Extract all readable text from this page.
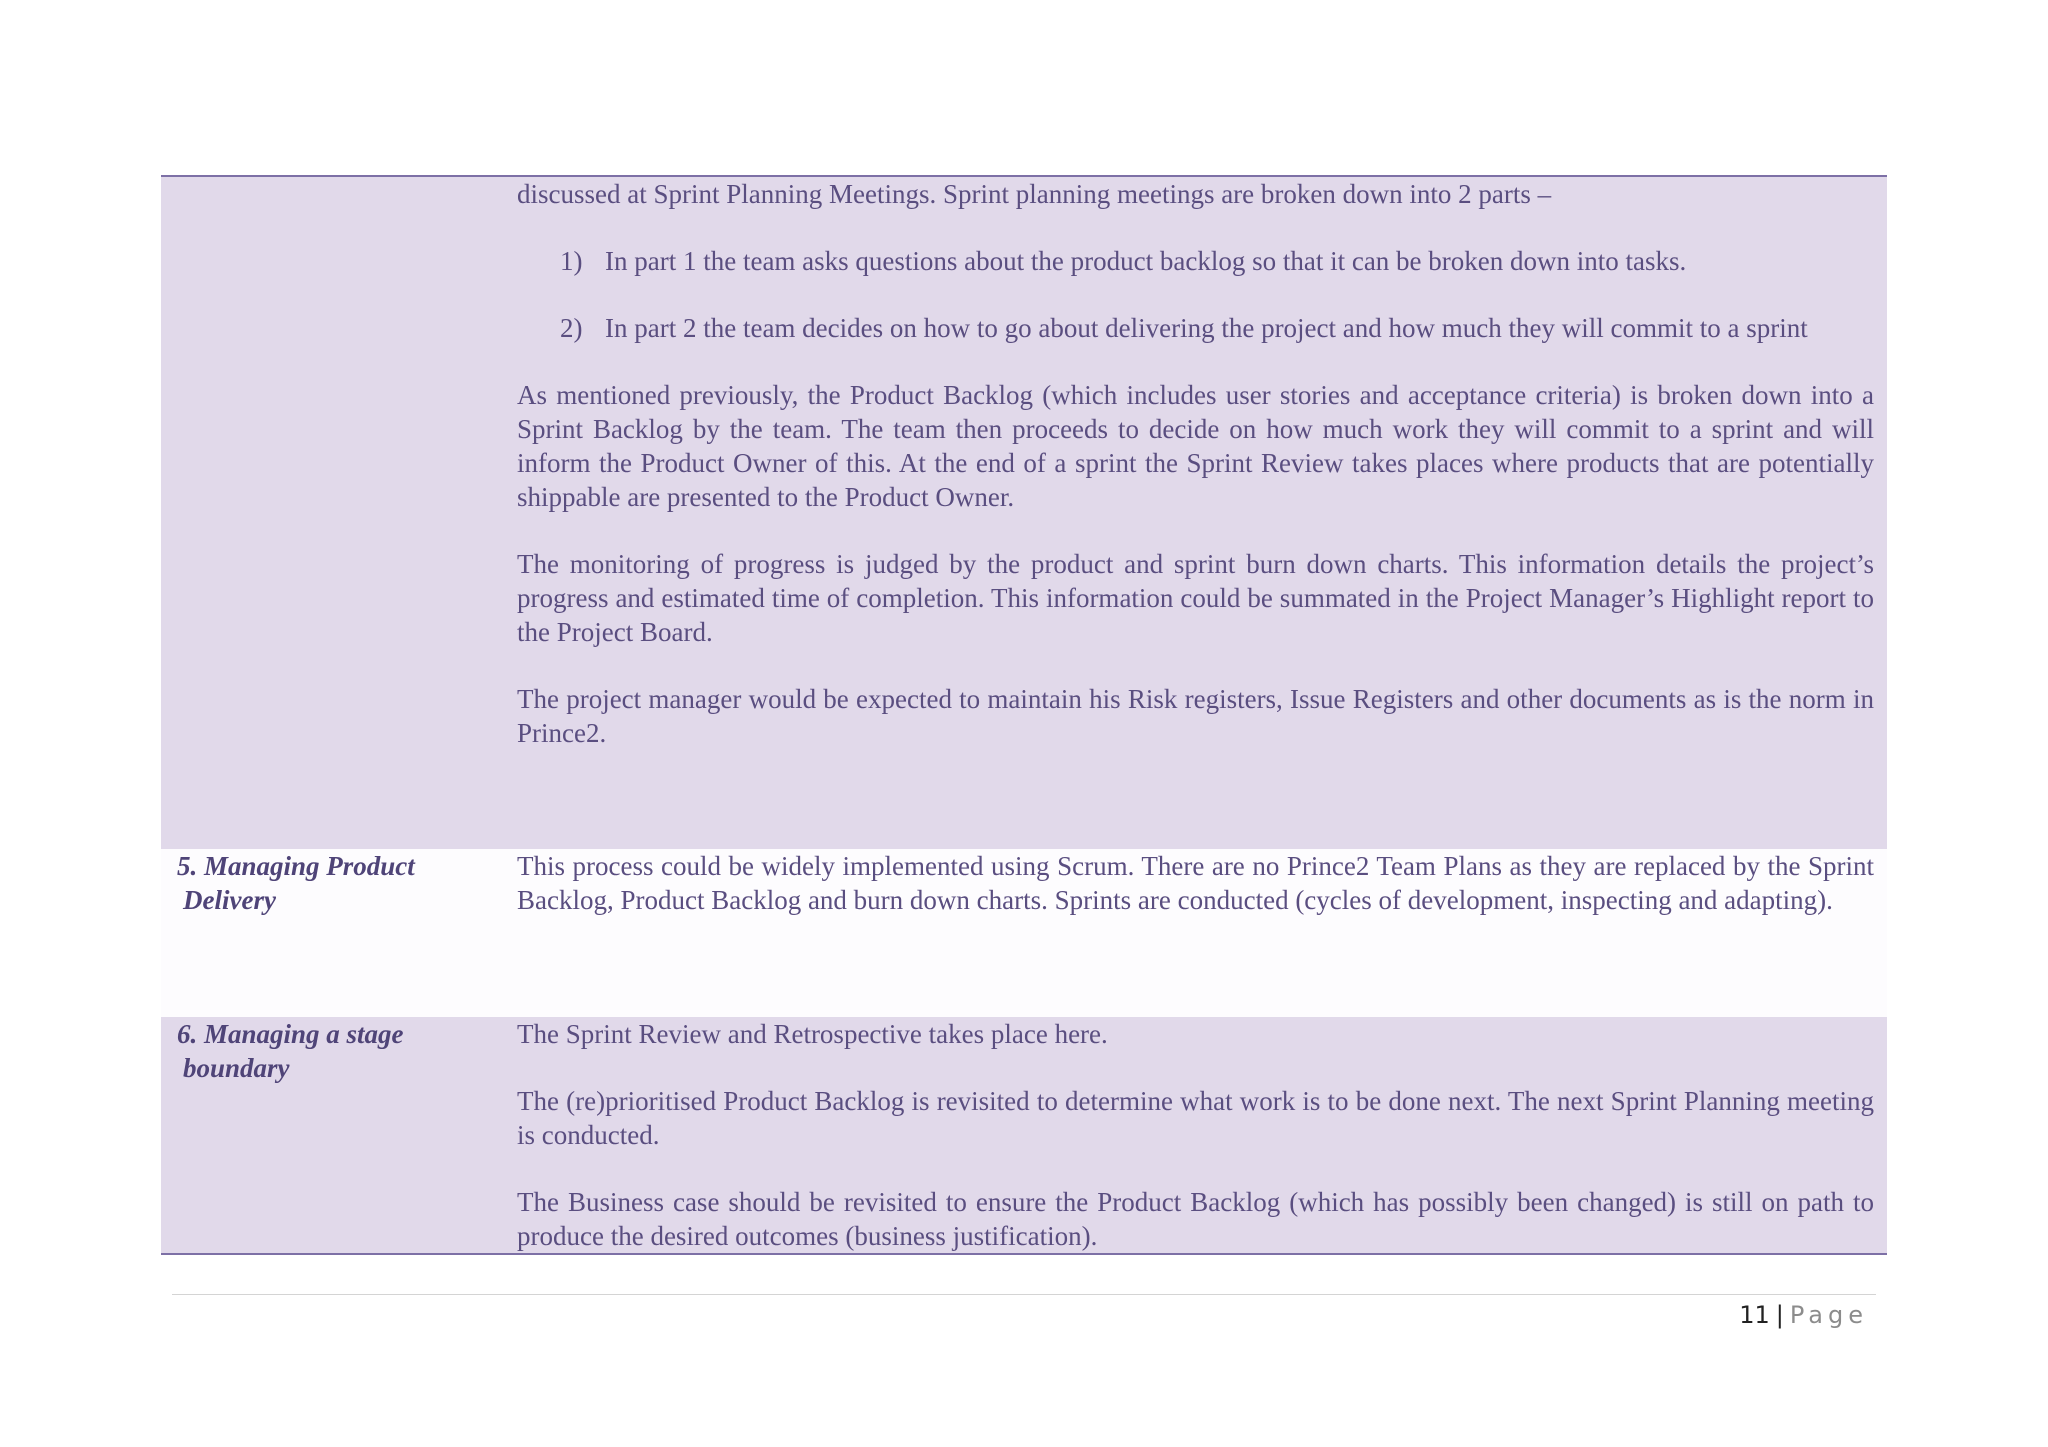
discussed at Sprint Planning Meetings. Sprint planning meetings are broken down into 2 parts –

1) In part 1 the team asks questions about the product backlog so that it can be broken down into tasks.
2) In part 2 the team decides on how to go about delivering the project and how much they will commit to a sprint

As mentioned previously, the Product Backlog (which includes user stories and acceptance criteria) is broken down into a Sprint Backlog by the team. The team then proceeds to decide on how much work they will commit to a sprint and will inform the Product Owner of this. At the end of a sprint the Sprint Review takes places where products that are potentially shippable are presented to the Product Owner.

The monitoring of progress is judged by the product and sprint burn down charts. This information details the project’s progress and estimated time of completion. This information could be summated in the Project Manager’s Highlight report to the Project Board.

The project manager would be expected to maintain his Risk registers, Issue Registers and other documents as is the norm in Prince2.

5. Managing Product
Delivery

This process could be widely implemented using Scrum. There are no Prince2 Team Plans as they are replaced by the Sprint Backlog, Product Backlog and burn down charts. Sprints are conducted (cycles of development, inspecting and adapting).

6. Managing a stage
boundary

The Sprint Review and Retrospective takes place here.

The (re)prioritised Product Backlog is revisited to determine what work is to be done next. The next Sprint Planning meeting is conducted.

The Business case should be revisited to ensure the Product Backlog (which has possibly been changed) is still on path to produce the desired outcomes (business justification).

11 | Page
